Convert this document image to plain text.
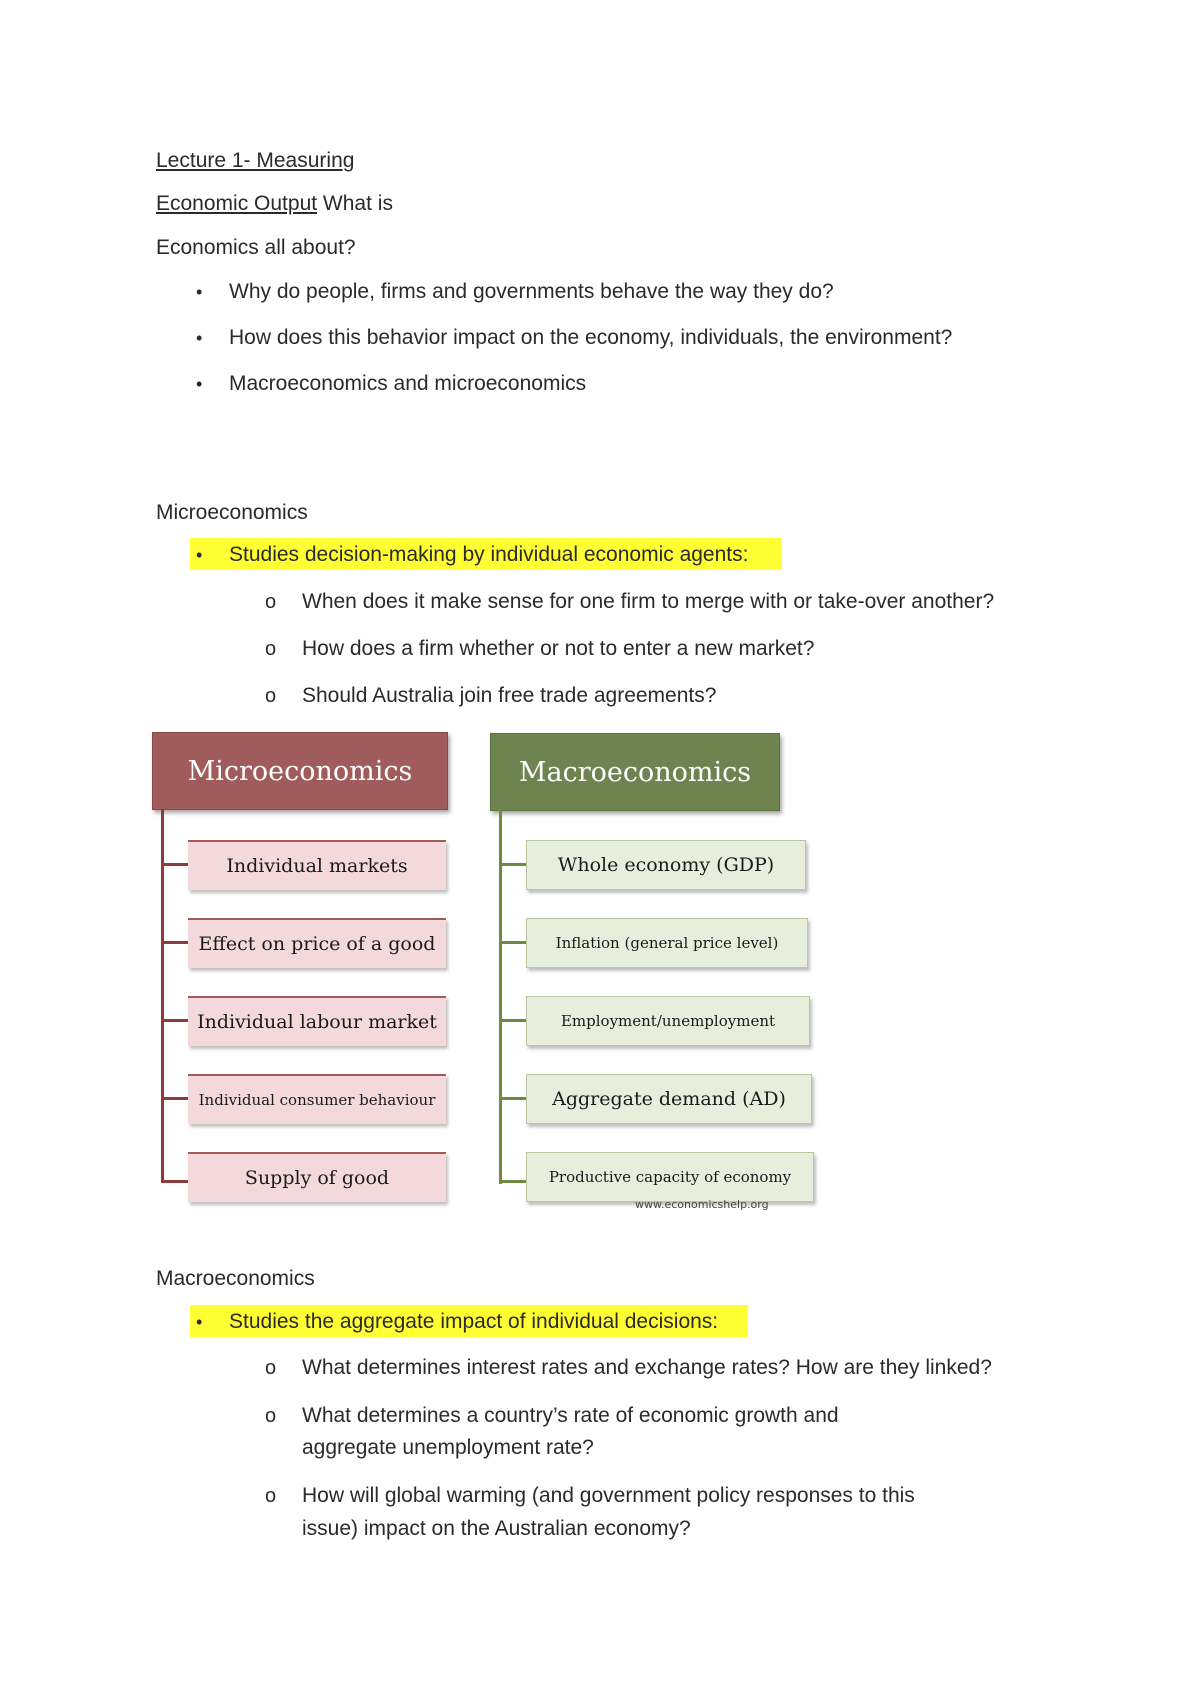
Lecture 1- Measuring
Economic Output What is
Economics all about?
• Why do people, firms and governments behave the way they do?
• How does this behavior impact on the economy, individuals, the environment?
• Macroeconomics and microeconomics
Microeconomics
• Studies decision-making by individual economic agents:
o When does it make sense for one firm to merge with or take-over another?
o How does a firm whether or not to enter a new market?
o Should Australia join free trade agreements?
Microeconomics	Macroeconomics
Individual markets
Effect on price of a good
Individual labour market
Individual consumer behaviour
Supply of good
Whole economy (GDP)
Inflation (general price level)
Employment/unemployment
Aggregate demand (AD)
Productive capacity of economy
www.economicshelp.org
Macroeconomics
• Studies the aggregate impact of individual decisions:
o What determines interest rates and exchange rates? How are they linked?
o What determines a country’s rate of economic growth and
aggregate unemployment rate?
o How will global warming (and government policy responses to this
issue) impact on the Australian economy?
